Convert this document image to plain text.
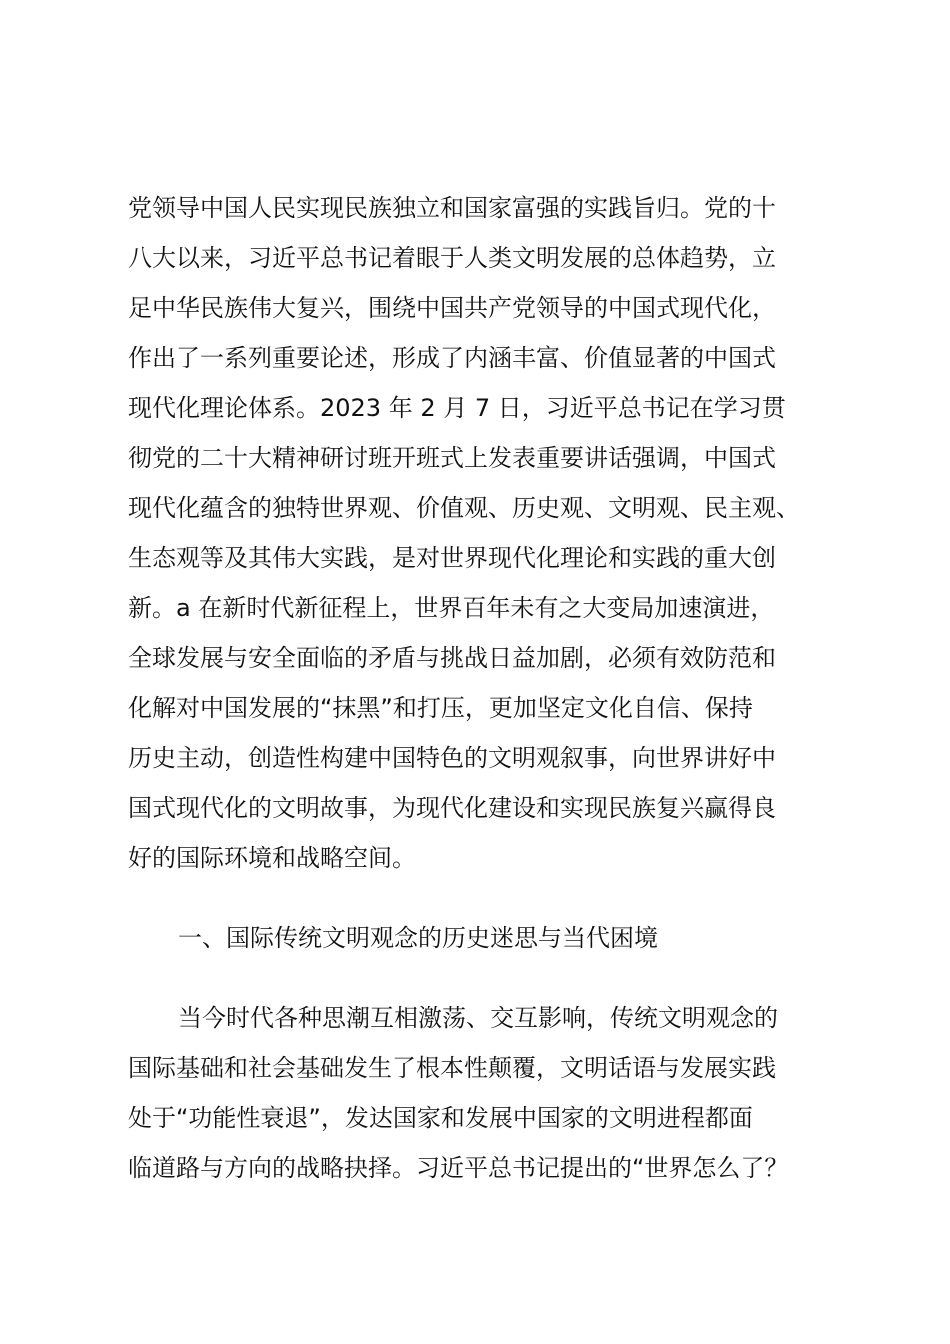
党领导中国人民实现民族独立和国家富强的实践旨归。党的十
八大以来，习近平总书记着眼于人类文明发展的总体趋势，立
足中华民族伟大复兴，围绕中国共产党领导的中国式现代化，
作出了一系列重要论述，形成了内涵丰富、价值显著的中国式
现代化理论体系。2023 年 2 月 7 日，习近平总书记在学习贯
彻党的二十大精神研讨班开班式上发表重要讲话强调，中国式
现代化蕴含的独特世界观、价值观、历史观、文明观、民主观、
生态观等及其伟大实践，是对世界现代化理论和实践的重大创
新。a 在新时代新征程上，世界百年未有之大变局加速演进，
全球发展与安全面临的矛盾与挑战日益加剧，必须有效防范和
化解对中国发展的“抹黑”和打压，更加坚定文化自信、保持
历史主动，创造性构建中国特色的文明观叙事，向世界讲好中
国式现代化的文明故事，为现代化建设和实现民族复兴赢得良
好的国际环境和战略空间。
一、国际传统文明观念的历史迷思与当代困境
当今时代各种思潮互相激荡、交互影响，传统文明观念的
国际基础和社会基础发生了根本性颠覆，文明话语与发展实践
处于“功能性衰退”，发达国家和发展中国家的文明进程都面
临道路与方向的战略抉择。习近平总书记提出的“世界怎么了？
